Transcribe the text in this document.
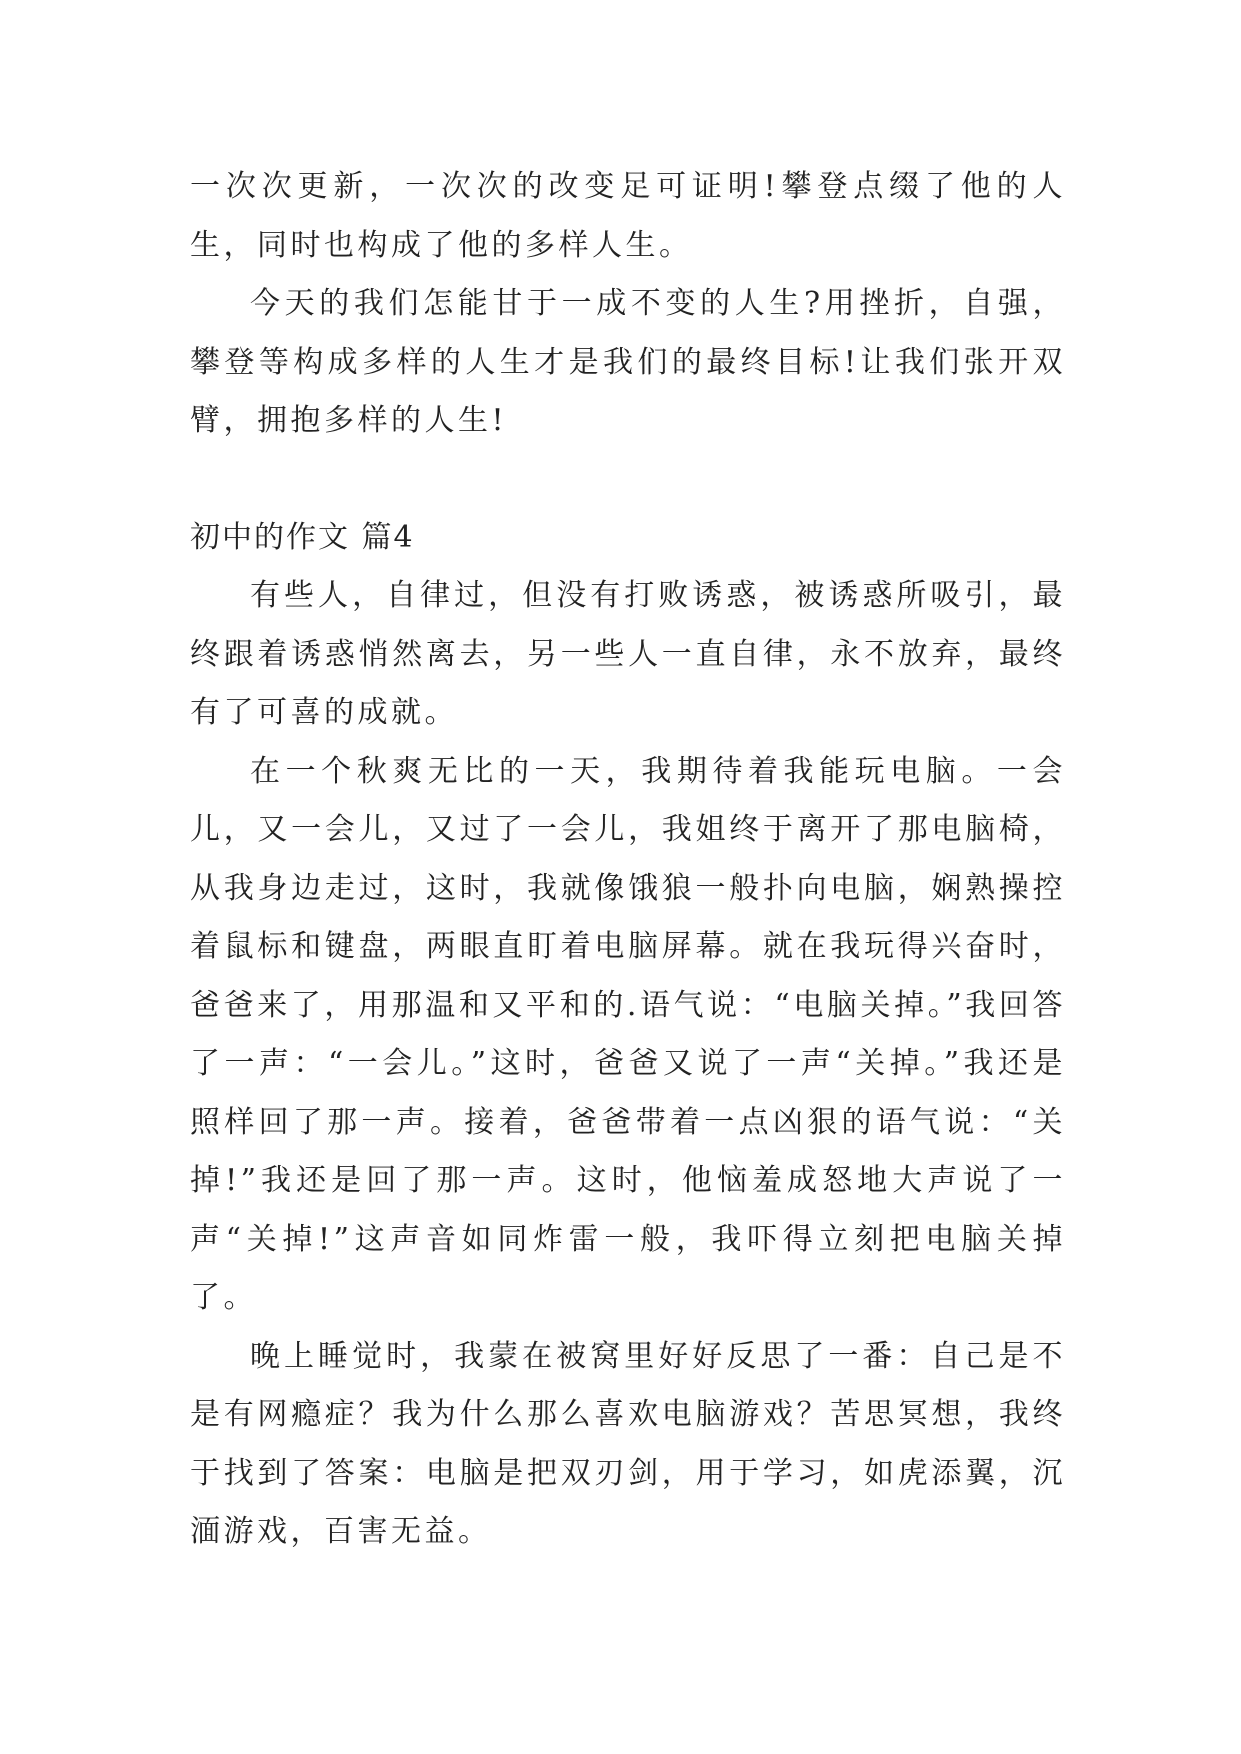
一次次更新，一次次的改变足可证明!攀登点缀了他的人生，同时也构成了他的多样人生。

今天的我们怎能甘于一成不变的人生?用挫折，自强，攀登等构成多样的人生才是我们的最终目标!让我们张开双臂，拥抱多样的人生!

初中的作文 篇4

有些人，自律过，但没有打败诱惑，被诱惑所吸引，最终跟着诱惑悄然离去，另一些人一直自律，永不放弃，最终有了可喜的成就。

在一个秋爽无比的一天，我期待着我能玩电脑。一会儿，又一会儿，又过了一会儿，我姐终于离开了那电脑椅，从我身边走过，这时，我就像饿狼一般扑向电脑，娴熟操控着鼠标和键盘，两眼直盯着电脑屏幕。就在我玩得兴奋时，爸爸来了，用那温和又平和的.语气说：“电脑关掉。”我回答了一声：“一会儿。”这时，爸爸又说了一声“关掉。”我还是照样回了那一声。接着，爸爸带着一点凶狠的语气说：“关掉!”我还是回了那一声。这时，他恼羞成怒地大声说了一声“关掉!”这声音如同炸雷一般，我吓得立刻把电脑关掉了。

晚上睡觉时，我蒙在被窝里好好反思了一番：自己是不是有网瘾症？我为什么那么喜欢电脑游戏？苦思冥想，我终于找到了答案：电脑是把双刃剑，用于学习，如虎添翼，沉湎游戏，百害无益。
